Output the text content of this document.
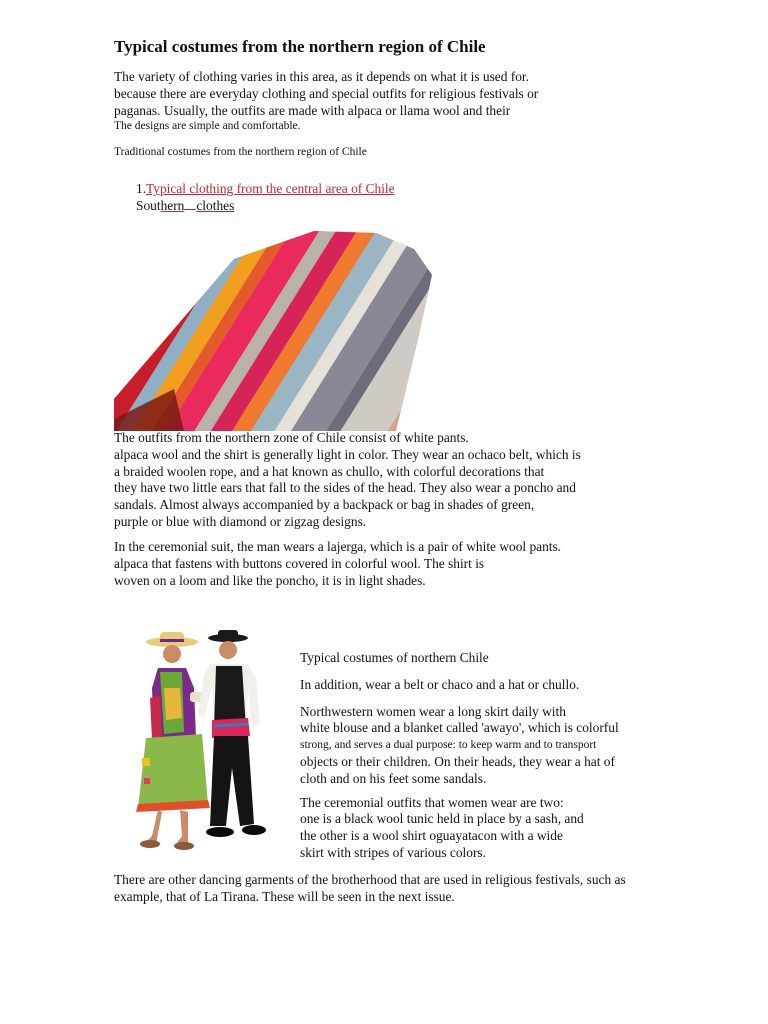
Typical costumes from the northern region of Chile
The variety of clothing varies in this area, as it depends on what it is used for.
because there are everyday clothing and special outfits for religious festivals or
paganas. Usually, the outfits are made with alpaca or llama wool and their
The designs are simple and comfortable.
Traditional costumes from the northern region of Chile
1.Typical clothing from the central area of Chile
Southern clothes
The outfits from the northern zone of Chile consist of white pants.
alpaca wool and the shirt is generally light in color. They wear an ochaco belt, which is
a braided woolen rope, and a hat known as chullo, with colorful decorations that
they have two little ears that fall to the sides of the head. They also wear a poncho and
sandals. Almost always accompanied by a backpack or bag in shades of green,
purple or blue with diamond or zigzag designs.
In the ceremonial suit, the man wears a lajerga, which is a pair of white wool pants.
alpaca that fastens with buttons covered in colorful wool. The shirt is
woven on a loom and like the poncho, it is in light shades.
Typical costumes of northern Chile
In addition, wear a belt or chaco and a hat or chullo.
Northwestern women wear a long skirt daily with
white blouse and a blanket called 'awayo', which is colorful
strong, and serves a dual purpose: to keep warm and to transport
objects or their children. On their heads, they wear a hat of
cloth and on his feet some sandals.
The ceremonial outfits that women wear are two:
one is a black wool tunic held in place by a sash, and
the other is a wool shirt oguayatacon with a wide
skirt with stripes of various colors.
There are other dancing garments of the brotherhood that are used in religious festivals, such as
example, that of La Tirana. These will be seen in the next issue.
